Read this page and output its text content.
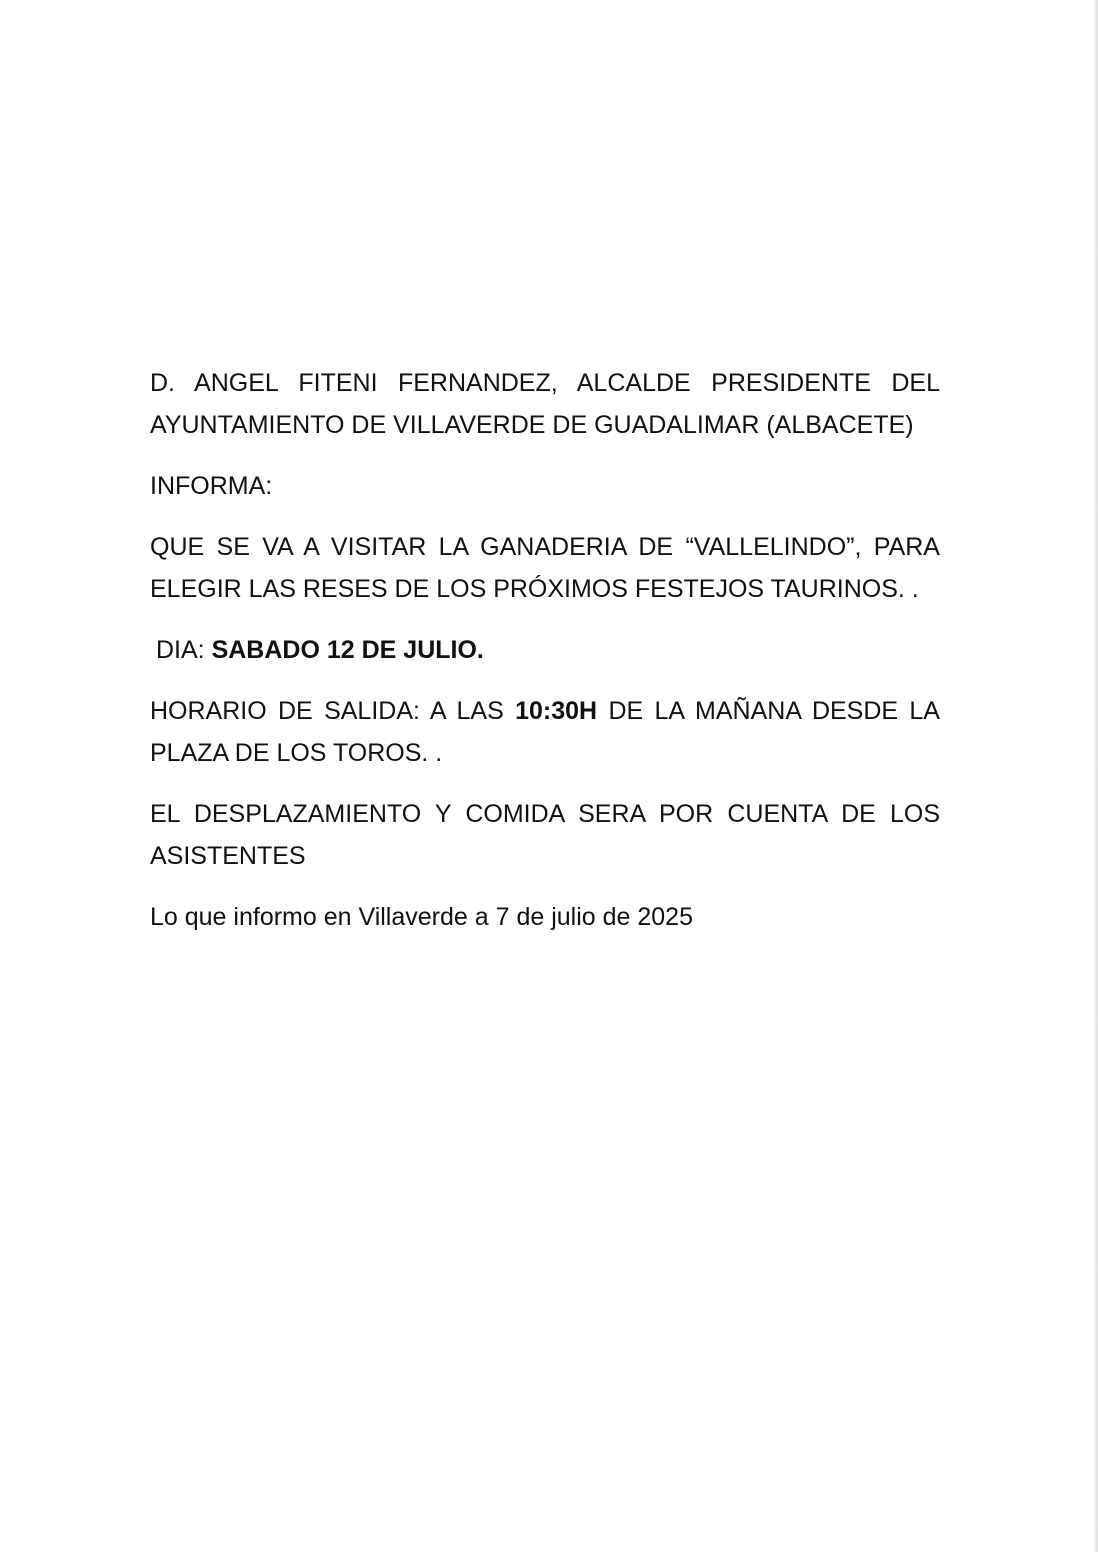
D. ANGEL FITENI FERNANDEZ, ALCALDE PRESIDENTE DEL
AYUNTAMIENTO DE VILLAVERDE DE GUADALIMAR (ALBACETE)
INFORMA:
QUE SE VA A VISITAR LA GANADERIA DE “VALLELINDO”, PARA
ELEGIR LAS RESES DE LOS PRÓXIMOS FESTEJOS TAURINOS. .
DIA: SABADO 12 DE JULIO.
HORARIO DE SALIDA: A LAS 10:30H DE LA MAÑANA DESDE LA
PLAZA DE LOS TOROS. .
EL DESPLAZAMIENTO Y COMIDA SERA POR CUENTA DE LOS
ASISTENTES
Lo que informo en Villaverde a 7 de julio de 2025
